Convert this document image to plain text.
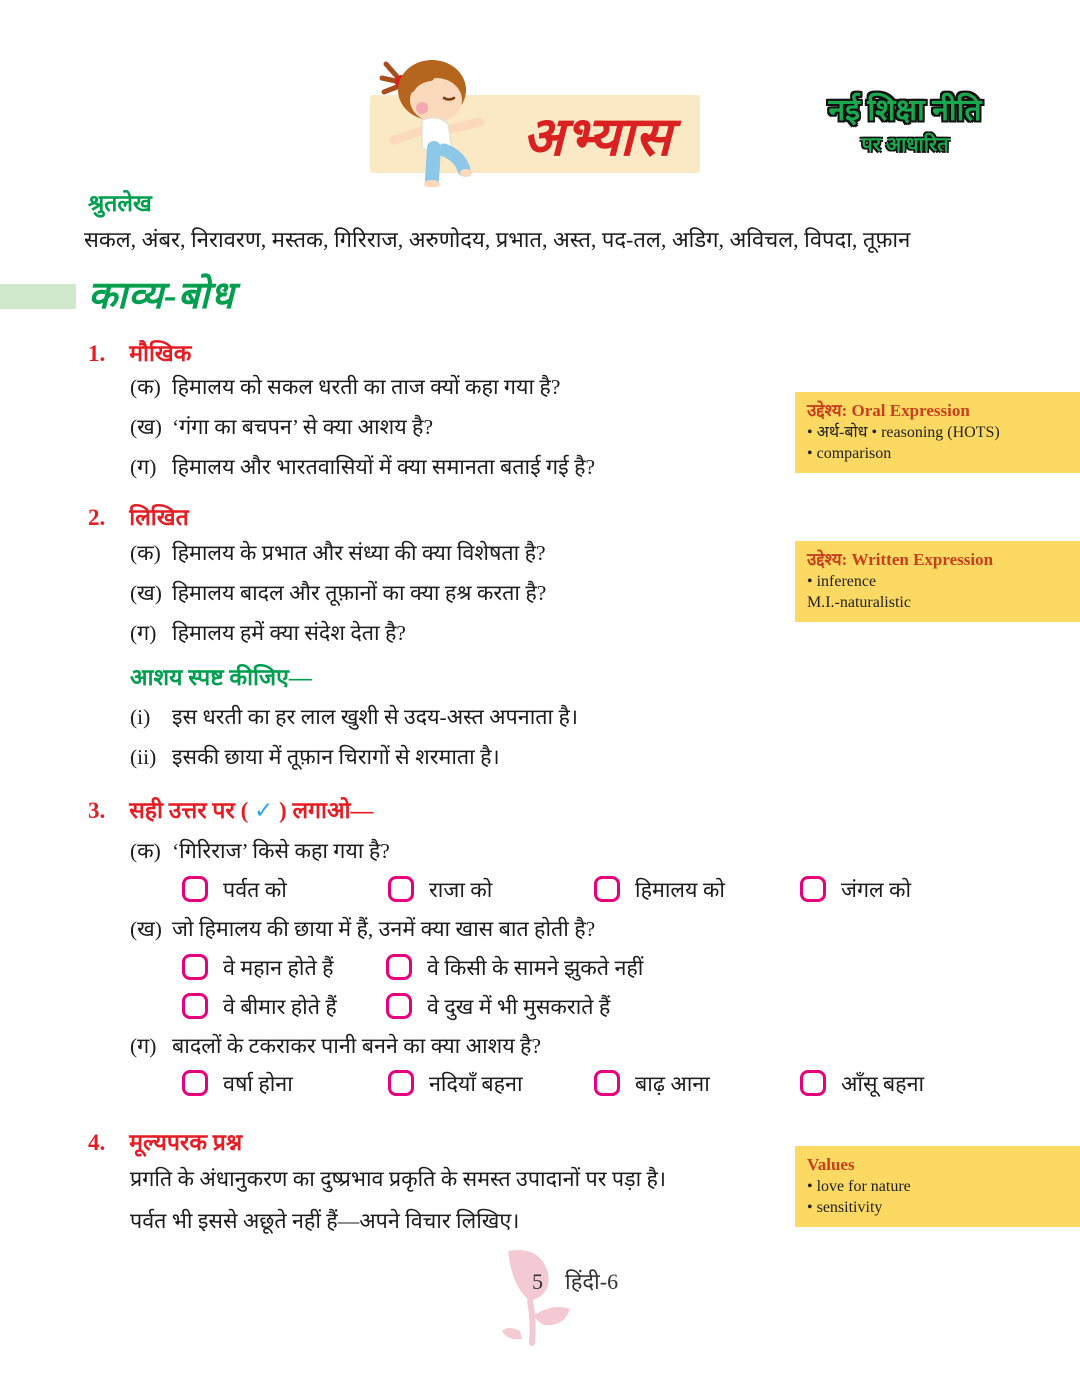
अभ्यास	नई शिक्षा नीति
पर आधारित
श्रुतलेख
सकल, अंबर, निरावरण, मस्तक, गिरिराज, अरुणोदय, प्रभात, अस्त, पद-तल, अडिग, अविचल, विपदा, तूफ़ान
काव्य-बोध
1. मौखिक
(क) हिमालय को सकल धरती का ताज क्यों कहा गया है?
(ख) ‘गंगा का बचपन’ से क्या आशय है?
(ग) हिमालय और भारतवासियों में क्या समानता बताई गई है?
उद्देश्य: Oral Expression
• अर्थ-बोध • reasoning (HOTS)
• comparison
2. लिखित
(क) हिमालय के प्रभात और संध्या की क्या विशेषता है?
(ख) हिमालय बादल और तूफ़ानों का क्या हश्र करता है?
(ग) हिमालय हमें क्या संदेश देता है?
उद्देश्य: Written Expression
• inference
M.I.-naturalistic
आशय स्पष्ट कीजिए—
(i) इस धरती का हर लाल खुशी से उदय-अस्त अपनाता है।
(ii) इसकी छाया में तूफ़ान चिरागों से शरमाता है।
3. सही उत्तर पर ( ✓ ) लगाओ—
(क) ‘गिरिराज’ किसे कहा गया है?
पर्वत को	राजा को	हिमालय को	जंगल को
(ख) जो हिमालय की छाया में हैं, उनमें क्या खास बात होती है?
वे महान होते हैं	वे किसी के सामने झुकते नहीं
वे बीमार होते हैं	वे दुख में भी मुसकराते हैं
(ग) बादलों के टकराकर पानी बनने का क्या आशय है?
वर्षा होना	नदियाँ बहना	बाढ़ आना	आँसू बहना
4. मूल्यपरक प्रश्न
प्रगति के अंधानुकरण का दुष्प्रभाव प्रकृति के समस्त उपादानों पर पड़ा है।
पर्वत भी इससे अछूते नहीं हैं—अपने विचार लिखिए।
Values
• love for nature
• sensitivity
5 हिंदी-6
